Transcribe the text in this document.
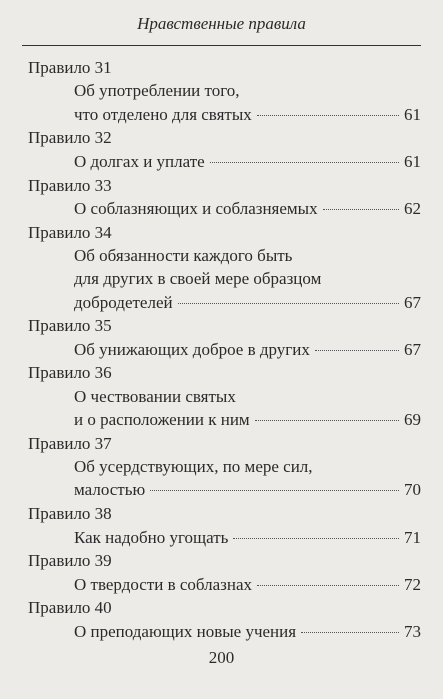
Нравственные правила
Правило 31
Об употреблении того,
что отделено для святых	61
Правило 32
О долгах и уплате	61
Правило 33
О соблазняющих и соблазняемых	62
Правило 34
Об обязанности каждого быть
для других в своей мере образцом
добродетелей	67
Правило 35
Об унижающих доброе в других	67
Правило 36
О чествовании святых
и о расположении к ним	69
Правило 37
Об усердствующих, по мере сил,
малостью	70
Правило 38
Как надобно угощать	71
Правило 39
О твердости в соблазнах	72
Правило 40
О преподающих новые учения	73
200
